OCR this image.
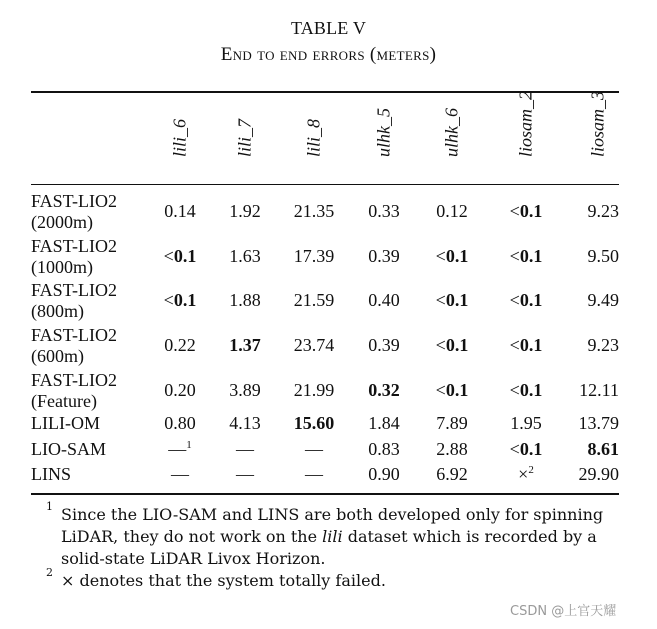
TABLE V
End to end errors (meters)
lili_6	lili_7	lili_8	ulhk_5	ulhk_6	liosam_2	liosam_3
FAST-LIO2
(2000m)
0.14 1.92 21.35 0.33 0.12 <0.1	9.23
FAST-LIO2
(1000m)
<0.1 1.63 17.39 0.39 <0.1 <0.1	9.50
FAST-LIO2
(800m)
<0.1 1.88 21.59 0.40 <0.1 <0.1	9.49
FAST-LIO2
(600m)
0.22 1.37 23.74 0.39 <0.1 <0.1	9.23
FAST-LIO2
(Feature)
0.20 3.89 21.99 0.32 <0.1 <0.1 12.11
LILI-OM	0.80 4.13 15.60 1.84 7.89 1.95 13.79
LIO-SAM	—$^1$ —	—	0.83 2.88 <0.1	8.61
LINS	—	—	—	0.90 6.92	×$^2$ 29.90
1 Since the LIO-SAM and LINS are both developed only for spinning
LiDAR, they do not work on the lili dataset which is recorded by a
solid-state LiDAR Livox Horizon.
2 × denotes that the system totally failed.
CSDN @上官天耀
